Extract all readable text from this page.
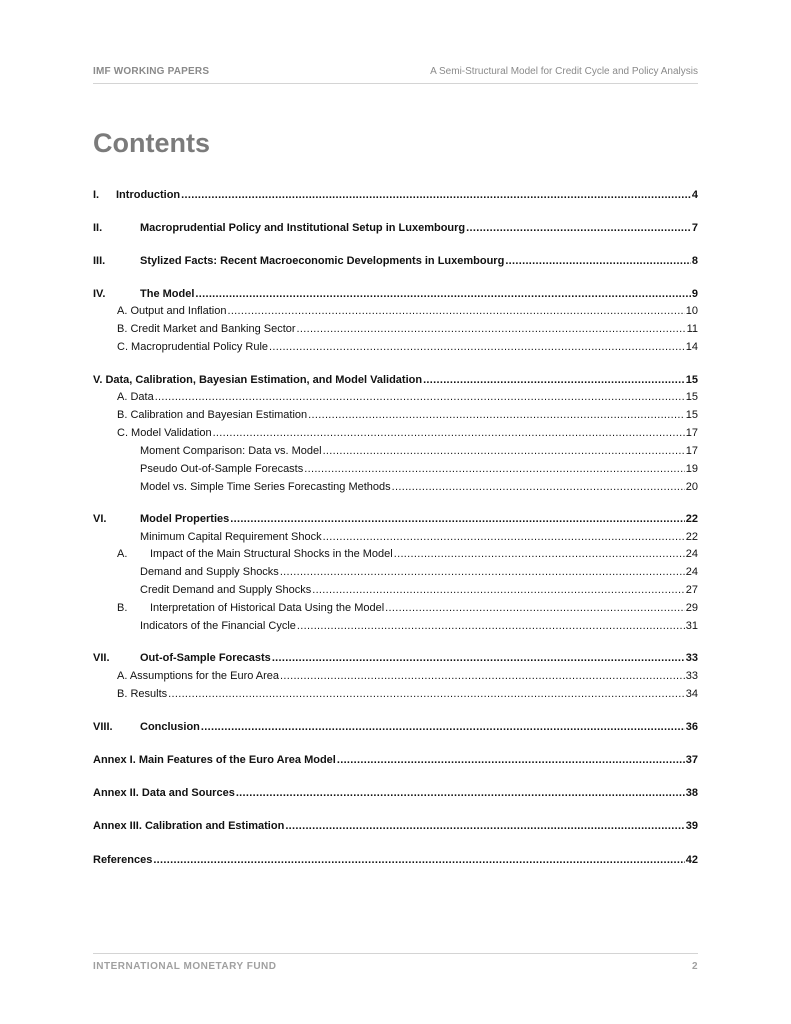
IMF WORKING PAPERS	A Semi-Structural Model for Credit Cycle and Policy Analysis
Contents
I.	Introduction .....	4
II.	Macroprudential Policy and Institutional Setup in Luxembourg .....	7
III.	Stylized Facts: Recent Macroeconomic Developments in Luxembourg .....	8
IV.	The Model .....	9
A. Output and Inflation .....	10
B. Credit Market and Banking Sector .....	11
C. Macroprudential Policy Rule .....	14
V. Data, Calibration, Bayesian Estimation, and Model Validation .....	15
A. Data .....	15
B. Calibration and Bayesian Estimation .....	15
C. Model Validation .....	17
Moment Comparison: Data vs. Model .....	17
Pseudo Out-of-Sample Forecasts .....	19
Model vs. Simple Time Series Forecasting Methods .....	20
VI.	Model Properties .....	22
Minimum Capital Requirement Shock .....	22
A.	Impact of the Main Structural Shocks in the Model .....	24
Demand and Supply Shocks .....	24
Credit Demand and Supply Shocks .....	27
B.	Interpretation of Historical Data Using the Model .....	29
Indicators of the Financial Cycle .....	31
VII.	Out-of-Sample Forecasts .....	33
A. Assumptions for the Euro Area .....	33
B. Results .....	34
VIII.	Conclusion .....	36
Annex I. Main Features of the Euro Area Model .....	37
Annex II. Data and Sources .....	38
Annex III. Calibration and Estimation .....	39
References .....	42
INTERNATIONAL MONETARY FUND	2
